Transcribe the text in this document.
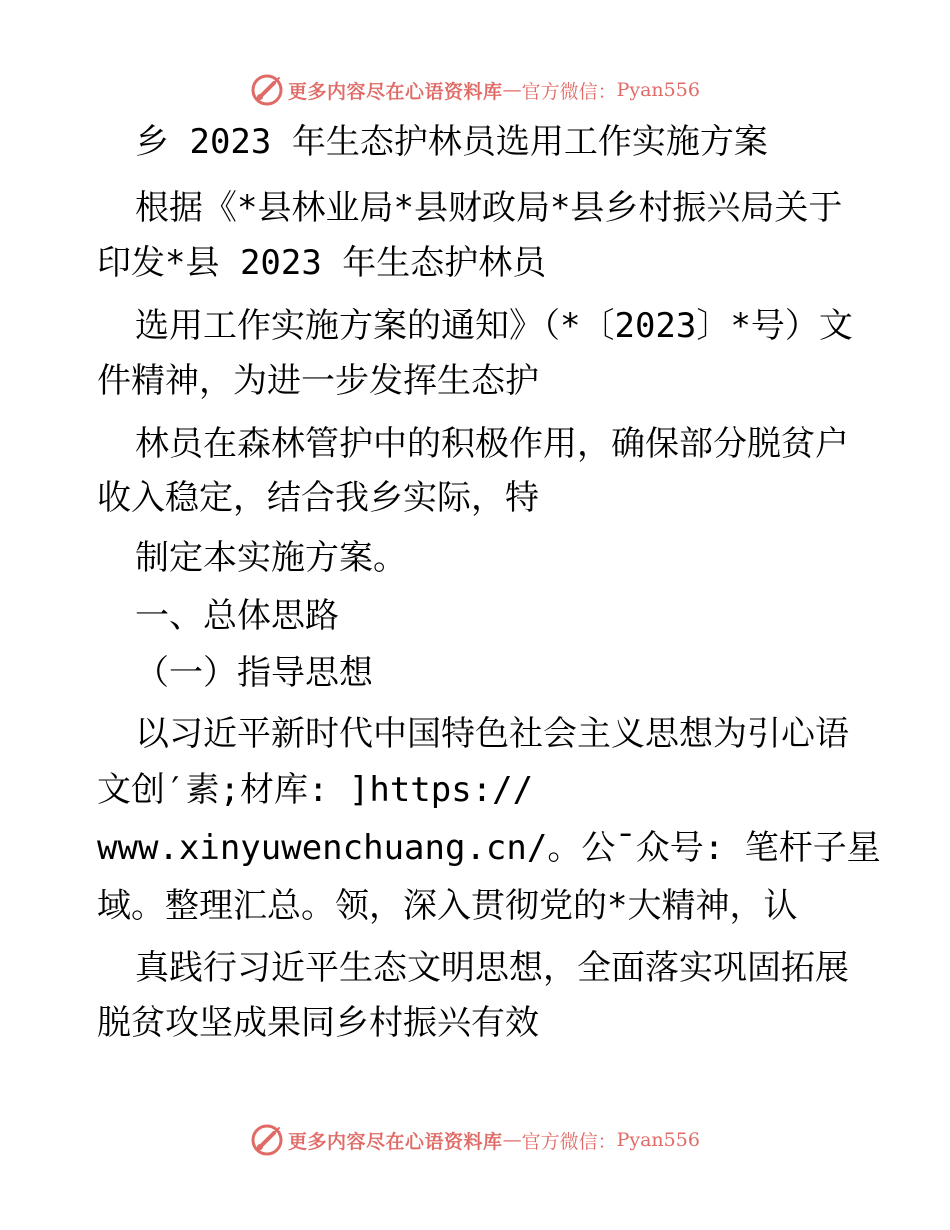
更多内容尽在心语资料库 — 官方微信： Pyan556
乡 2023 年生态护林员选用工作实施方案
根据《*县林业局*县财政局*县乡村振兴局关于
印发*县 2023 年生态护林员
选用工作实施方案的通知》（*〔2023〕*号）文
件精神，为进一步发挥生态护
林员在森林管护中的积极作用，确保部分脱贫户
收入稳定，结合我乡实际，特
制定本实施方案。
一、总体思路
（一）指导思想
以习近平新时代中国特色社会主义思想为引心语
文创′素;材库: ]https://
www.xinyuwenchuang.cn/。公¯众号: 笔杆子星
域。整理汇总。领，深入贯彻党的*大精神，认
真践行习近平生态文明思想，全面落实巩固拓展
脱贫攻坚成果同乡村振兴有效
更多内容尽在心语资料库 — 官方微信： Pyan556
